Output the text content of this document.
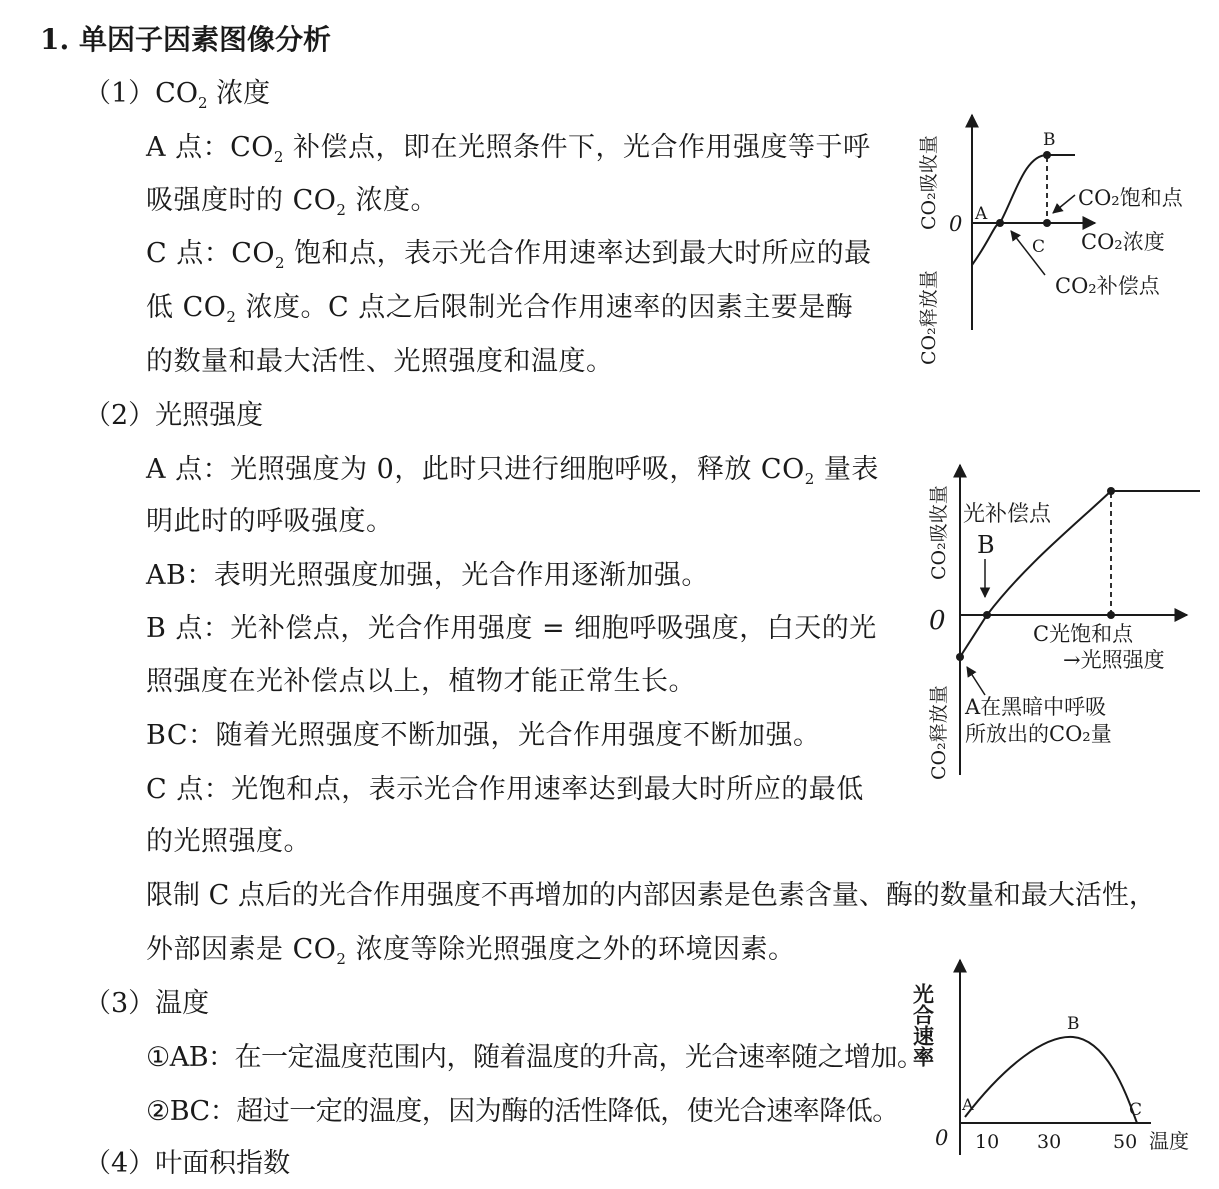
1. 单因子因素图像分析
$(1)CO_2$ 浓度
A 点：$CO_2$ 补偿点，即在光照条件下，光合作用强度等于呼
吸强度时的 $CO_2$ 浓度。
C 点：$CO_2$ 饱和点，表示光合作用速率达到最大时所应的最
低 $CO_2$ 浓度。C 点之后限制光合作用速率的因素主要是酶
的数量和最大活性、光照强度和温度。
（2）光照强度
A 点：光照强度为 0，此时只进行细胞呼吸，释放 $CO_2$ 量表
明此时的呼吸强度。
AB：表明光照强度加强，光合作用逐渐加强。
B 点：光补偿点，光合作用强度 = 细胞呼吸强度，白天的光
照强度在光补偿点以上，植物才能正常生长。
BC：随着光照强度不断加强，光合作用强度不断加强。
C 点：光饱和点，表示光合作用速率达到最大时所应的最低
的光照强度。
限制 C 点后的光合作用强度不再增加的内部因素是色素含量、酶的数量和最大活性，
外部因素是 $CO_2$ 浓度等除光照强度之外的环境因素。
（3）温度
①AB：在一定温度范围内，随着温度的升高，光合速率随之增加。
②BC：超过一定的温度，因为酶的活性降低，使光合速率降低。
（4）叶面积指数
CO₂吸收量
CO₂释放量
0 A
B
C CO₂浓度
CO₂饱和点
CO₂补偿点
CO₂吸收量
CO₂释放量
0
光补偿点
B
C光饱和点
→光照强度
A在黑暗中呼吸
所放出的CO₂量
光合速率
0 10 30	50 温度
A
B
C
